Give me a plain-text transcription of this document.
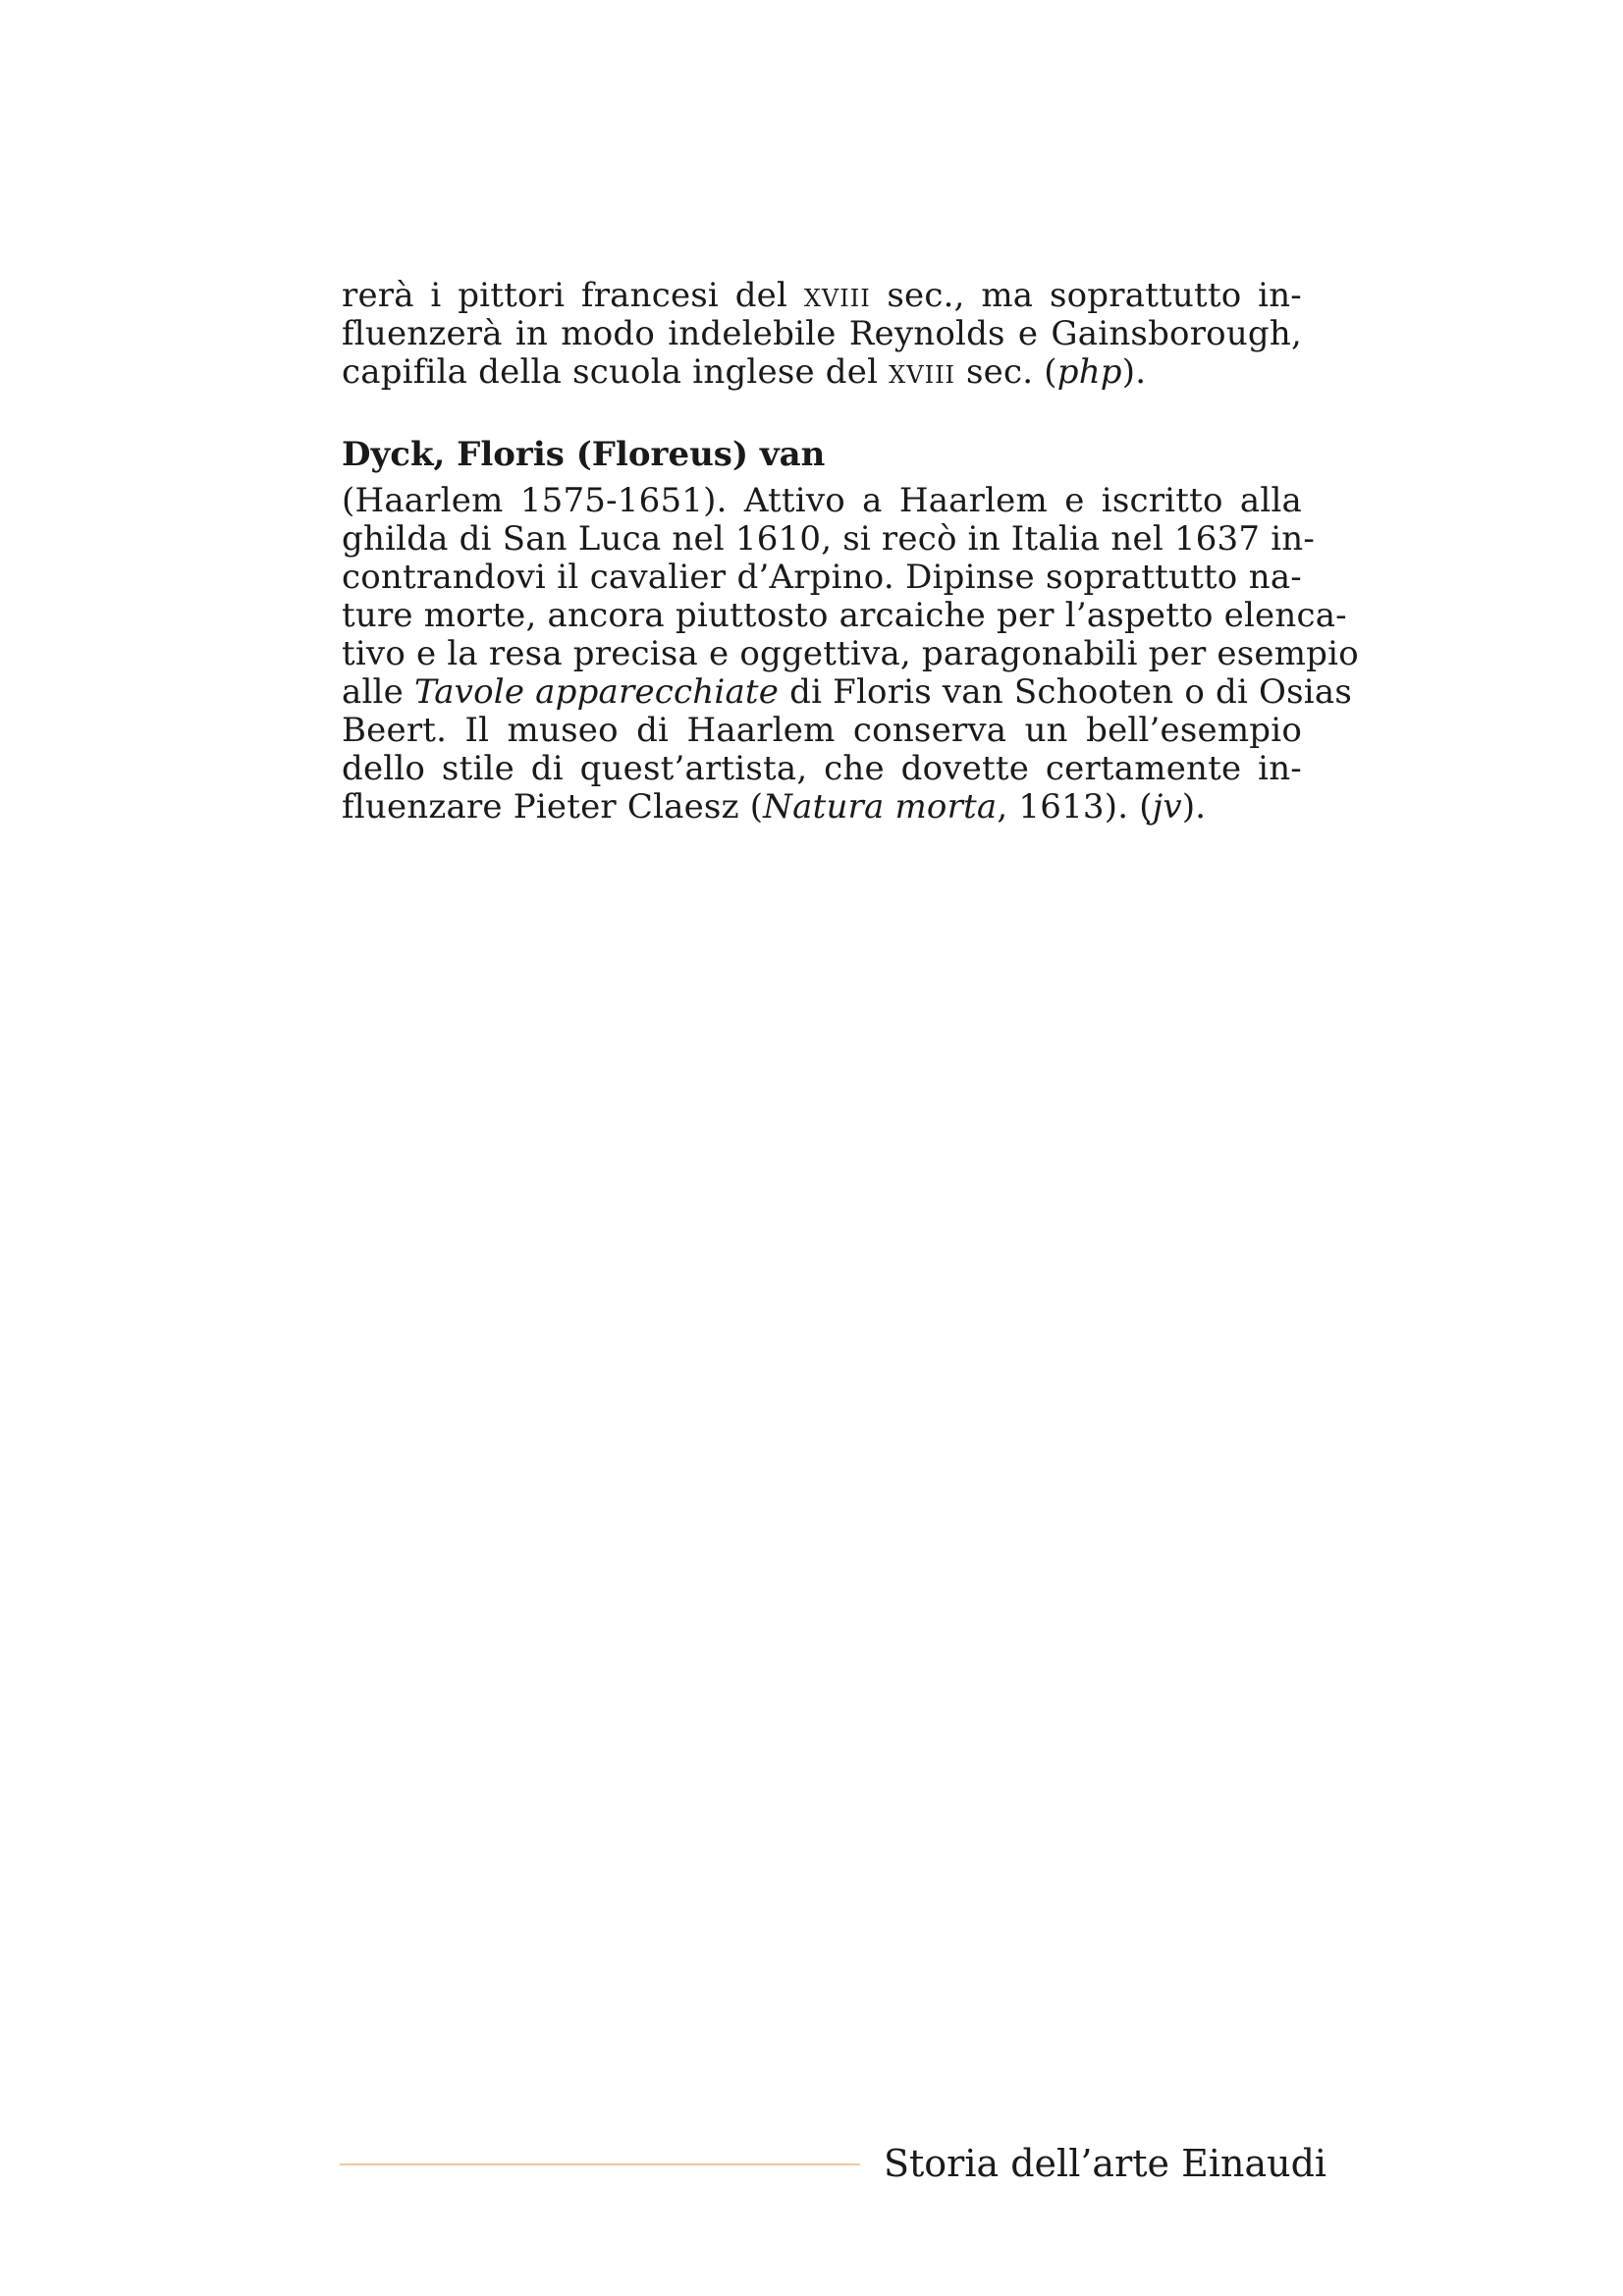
rerà i pittori francesi del xviii sec., ma soprattutto in-
fluenzerà in modo indelebile Reynolds e Gainsborough,
capifila della scuola inglese del xviii sec. (php).
Dyck, Floris (Floreus) van
(Haarlem 1575-1651). Attivo a Haarlem e iscritto alla
ghilda di San Luca nel 1610, si recò in Italia nel 1637 in-
contrandovi il cavalier d’Arpino. Dipinse soprattutto na-
ture morte, ancora piuttosto arcaiche per l’aspetto elenca-
tivo e la resa precisa e oggettiva, paragonabili per esempio
alle Tavole apparecchiate di Floris van Schooten o di Osias
Beert. Il museo di Haarlem conserva un bell’esempio
dello stile di quest’artista, che dovette certamente in-
fluenzare Pieter Claesz (Natura morta, 1613). (jv).
Storia dell’arte Einaudi
